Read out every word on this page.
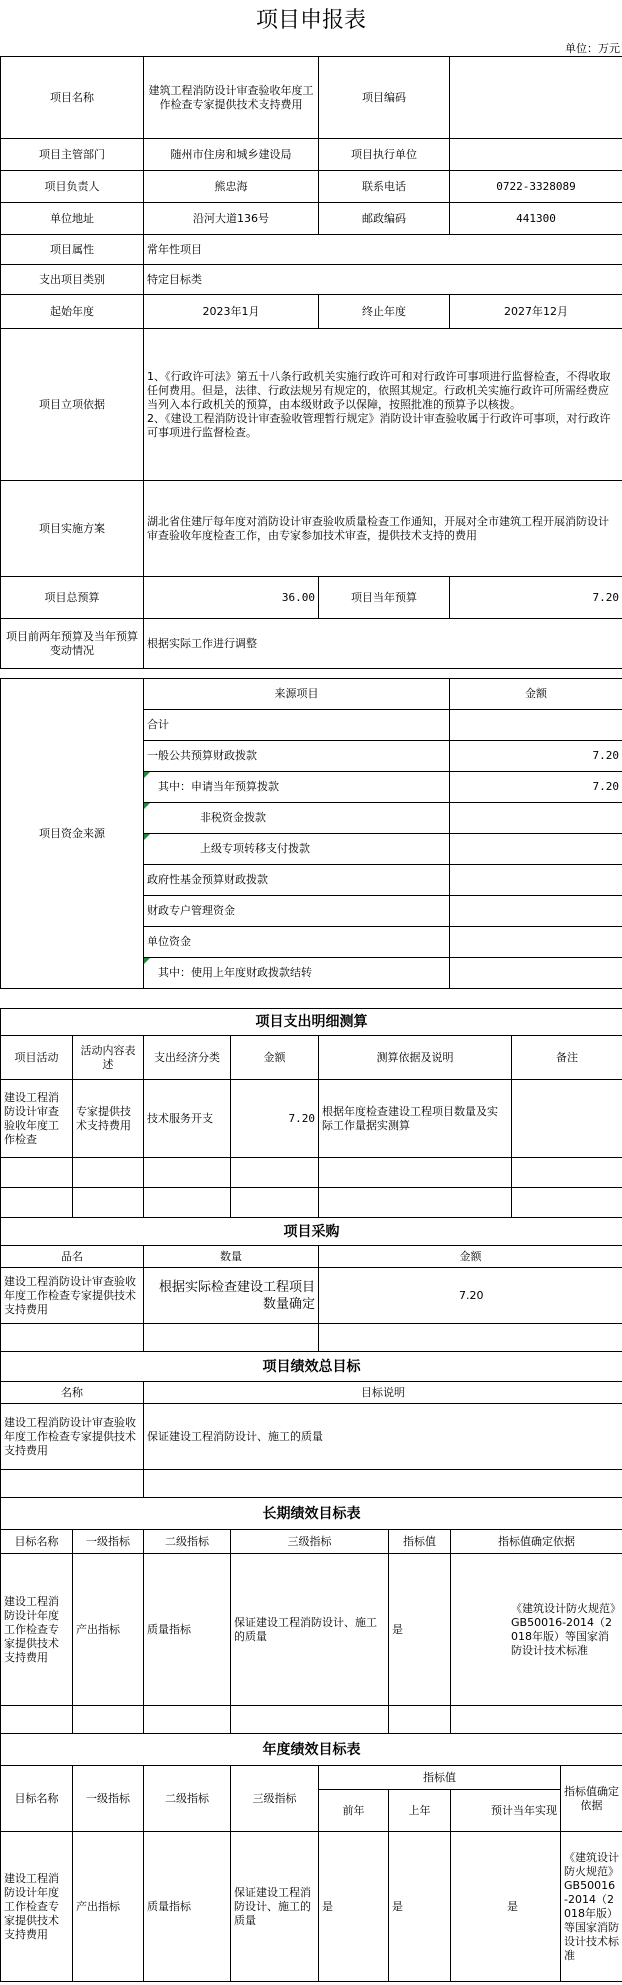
项目申报表
单位：万元
项目名称	建筑工程消防设计审查验收年度工作检查专家提供技术支持费用	项目编码	
项目主管部门	随州市住房和城乡建设局	项目执行单位	
项目负责人	熊忠海	联系电话	0722-3328089
单位地址	沿河大道136号	邮政编码	441300
项目属性	常年性项目		
支出项目类别	特定目标类		
起始年度	2023年1月	终止年度	2027年12月
项目立项依据	1、《行政许可法》第五十八条行政机关实施行政许可和对行政许可事项进行监督检查，不得收取任何费用。但是，法律、行政法规另有规定的，依照其规定。行政机关实施行政许可所需经费应当列入本行政机关的预算，由本级财政予以保障，按照批准的预算予以核拨。
2、《建设工程消防设计审查验收管理暂行规定》消防设计审查验收属于行政许可事项，对行政许可事项进行监督检查。		
项目实施方案	湖北省住建厅每年度对消防设计审查验收质量检查工作通知，开展对全市建筑工程开展消防设计审查验收年度检查工作，由专家参加技术审查，提供技术支持的费用		
项目总预算	36.00	项目当年预算	7.20
项目前两年预算及当年预算变动情况	根据实际工作进行调整		
项目资金来源	来源项目	金额
	合计	
	一般公共预算财政拨款	7.20
	其中：申请当年预算拨款	7.20
	非税资金拨款	
	上级专项转移支付拨款	
	政府性基金预算财政拨款	
	财政专户管理资金	
	单位资金	
	其中：使用上年度财政拨款结转	
项目支出明细测算					
项目活动	活动内容表述	支出经济分类	金额	测算依据及说明	备注
建设工程消防设计审查验收年度工作检查	专家提供技术支持费用	技术服务开支	7.20	根据年度检查建设工程项目数量及实际工作量据实测算	

项目采购		
品名	数量	金额
建设工程消防设计审查验收年度工作检查专家提供技术支持费用	根据实际检查建设工程项目数量确定	7.20

项目绩效总目标	
名称	目标说明
建设工程消防设计审查验收年度工作检查专家提供技术支持费用	保证建设工程消防设计、施工的质量

长期绩效目标表					
目标名称	一级指标	二级指标	三级指标	指标值	指标值确定依据
建设工程消防设计年度工作检查专家提供技术支持费用	产出指标	质量指标	保证建设工程消防设计、施工的质量	是	《建筑设计防火规范》GB50016-2014（2018年版）等国家消防设计技术标准

年度绩效目标表							
目标名称	一级指标	二级指标	三级指标	指标值			指标值确定依据
				前年	上年	预计当年实现	
建设工程消防设计年度工作检查专家提供技术支持费用	产出指标	质量指标	保证建设工程消防设计、施工的质量	是	是	是	《建筑设计防火规范》GB50016-2014（2018年版）等国家消防设计技术标准
